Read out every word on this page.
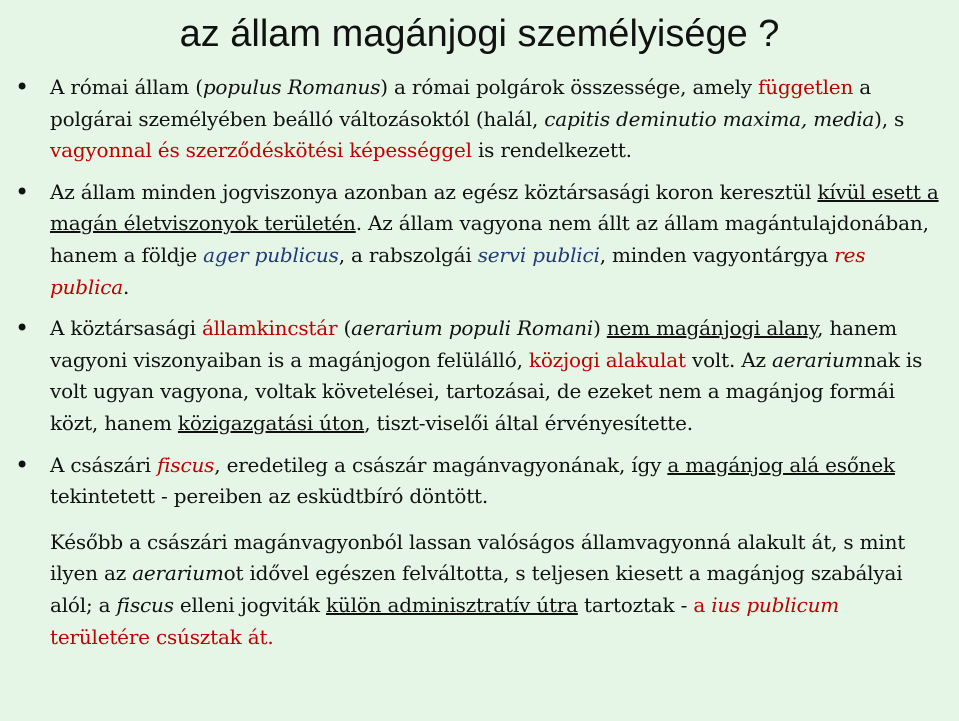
az állam magánjogi személyisége ?
• A római állam (populus Romanus) a római polgárok összessége, amely független a polgárai személyében beálló változásoktól (halál, capitis deminutio maxima, media), s vagyonnal és szerződéskötési képességgel is rendelkezett.
• Az állam minden jogviszonya azonban az egész köztársasági koron keresztül kívül esett a magán életviszonyok területén. Az állam vagyona nem állt az állam magántulajdonában, hanem a földje ager publicus, a rabszolgái servi publici, minden vagyontárgya res publica.
• A köztársasági államkincstár (aerarium populi Romani) nem magánjogi alany, hanem vagyoni viszonyaiban is a magánjogon felülálló, közjogi alakulat volt. Az aerariumnak is volt ugyan vagyona, voltak követelései, tartozásai, de ezeket nem a magánjog formái közt, hanem közigazgatási úton, tiszt-viselői által érvényesítette.
• A császári fiscus, eredetileg a császár magánvagyonának, így a magánjog alá esőnek tekintetett - pereiben az esküdtbíró döntött.
Később a császári magánvagyonból lassan valóságos államvagyonná alakult át, s mint ilyen az aerariumot idővel egészen felváltotta, s teljesen kiesett a magánjog szabályai alól; a fiscus elleni jogviták külön adminisztratív útra tartoztak - a ius publicum területére csúsztak át.
